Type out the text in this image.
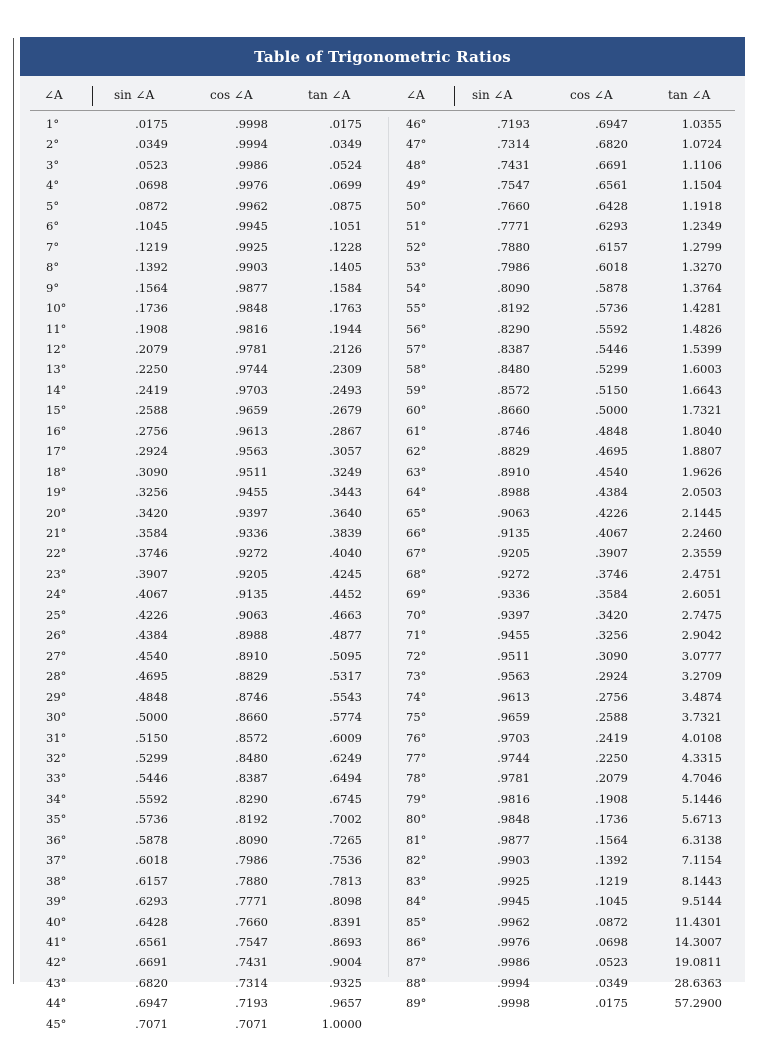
Table of Trigonometric Ratios
∠A	sin ∠A	cos ∠A	tan ∠A	∠A	sin ∠A	cos ∠A	tan ∠A
1°	.0175	.9998	.0175
2°	.0349	.9994	.0349
3°	.0523	.9986	.0524
4°	.0698	.9976	.0699
5°	.0872	.9962	.0875
6°	.1045	.9945	.1051
7°	.1219	.9925	.1228
8°	.1392	.9903	.1405
9°	.1564	.9877	.1584
10°	.1736	.9848	.1763
11°	.1908	.9816	.1944
12°	.2079	.9781	.2126
13°	.2250	.9744	.2309
14°	.2419	.9703	.2493
15°	.2588	.9659	.2679
16°	.2756	.9613	.2867
17°	.2924	.9563	.3057
18°	.3090	.9511	.3249
19°	.3256	.9455	.3443
20°	.3420	.9397	.3640
21°	.3584	.9336	.3839
22°	.3746	.9272	.4040
23°	.3907	.9205	.4245
24°	.4067	.9135	.4452
25°	.4226	.9063	.4663
26°	.4384	.8988	.4877
27°	.4540	.8910	.5095
28°	.4695	.8829	.5317
29°	.4848	.8746	.5543
30°	.5000	.8660	.5774
31°	.5150	.8572	.6009
32°	.5299	.8480	.6249
33°	.5446	.8387	.6494
34°	.5592	.8290	.6745
35°	.5736	.8192	.7002
36°	.5878	.8090	.7265
37°	.6018	.7986	.7536
38°	.6157	.7880	.7813
39°	.6293	.7771	.8098
40°	.6428	.7660	.8391
41°	.6561	.7547	.8693
42°	.6691	.7431	.9004
43°	.6820	.7314	.9325
44°	.6947	.7193	.9657
45°	.7071	.7071	1.0000
46°	.7193	.6947	1.0355
47°	.7314	.6820	1.0724
48°	.7431	.6691	1.1106
49°	.7547	.6561	1.1504
50°	.7660	.6428	1.1918
51°	.7771	.6293	1.2349
52°	.7880	.6157	1.2799
53°	.7986	.6018	1.3270
54°	.8090	.5878	1.3764
55°	.8192	.5736	1.4281
56°	.8290	.5592	1.4826
57°	.8387	.5446	1.5399
58°	.8480	.5299	1.6003
59°	.8572	.5150	1.6643
60°	.8660	.5000	1.7321
61°	.8746	.4848	1.8040
62°	.8829	.4695	1.8807
63°	.8910	.4540	1.9626
64°	.8988	.4384	2.0503
65°	.9063	.4226	2.1445
66°	.9135	.4067	2.2460
67°	.9205	.3907	2.3559
68°	.9272	.3746	2.4751
69°	.9336	.3584	2.6051
70°	.9397	.3420	2.7475
71°	.9455	.3256	2.9042
72°	.9511	.3090	3.0777
73°	.9563	.2924	3.2709
74°	.9613	.2756	3.4874
75°	.9659	.2588	3.7321
76°	.9703	.2419	4.0108
77°	.9744	.2250	4.3315
78°	.9781	.2079	4.7046
79°	.9816	.1908	5.1446
80°	.9848	.1736	5.6713
81°	.9877	.1564	6.3138
82°	.9903	.1392	7.1154
83°	.9925	.1219	8.1443
84°	.9945	.1045	9.5144
85°	.9962	.0872	11.4301
86°	.9976	.0698	14.3007
87°	.9986	.0523	19.0811
88°	.9994	.0349	28.6363
89°	.9998	.0175	57.2900
